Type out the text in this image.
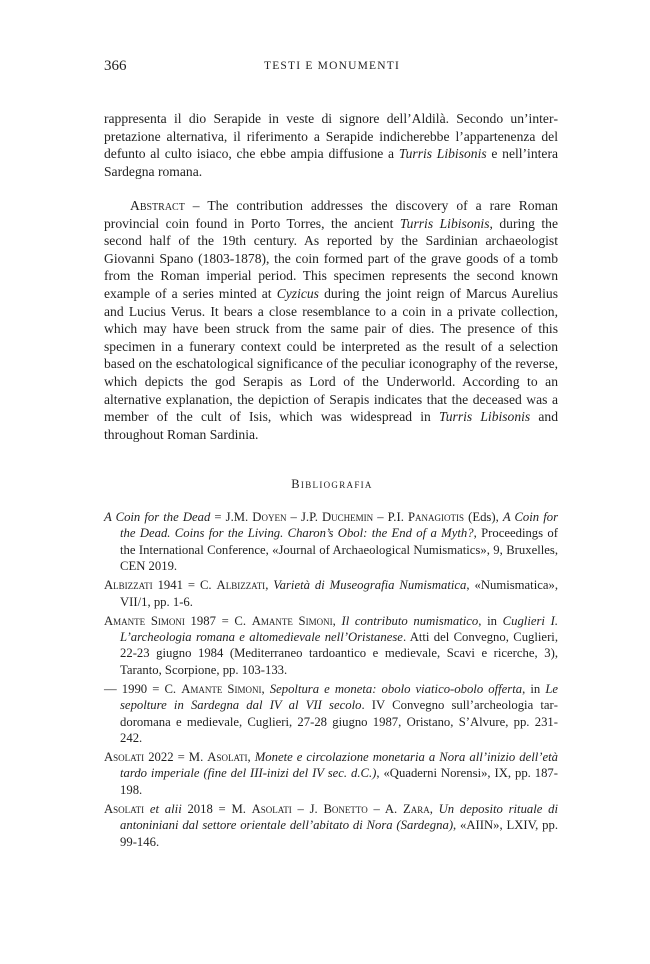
366	TESTI E MONUMENTI

rappresenta il dio Serapide in veste di signore dell’Aldilà. Secondo un’interpretazione alternativa, il riferimento a Serapide indicherebbe l’appartenenza del defunto al culto isiaco, che ebbe ampia diffusione a Turris Libisonis e nell’intera Sardegna romana.

Abstract – The contribution addresses the discovery of a rare Roman provincial coin found in Porto Torres, the ancient Turris Libisonis, during the second half of the 19th century. As reported by the Sardinian archaeologist Giovanni Spano (1803-1878), the coin formed part of the grave goods of a tomb from the Roman imperial period. This specimen represents the second known example of a series minted at Cyzicus during the joint reign of Marcus Aurelius and Lucius Verus. It bears a close resemblance to a coin in a private collection, which may have been struck from the same pair of dies. The presence of this specimen in a funerary context could be interpreted as the result of a selection based on the eschatological significance of the peculiar iconography of the reverse, which depicts the god Serapis as Lord of the Underworld. According to an alternative explanation, the depiction of Serapis indicates that the deceased was a member of the cult of Isis, which was widespread in Turris Libisonis and throughout Roman Sardinia.

Bibliografia
A Coin for the Dead = J.M. Doyen – J.P. Duchemin – P.I. Panagiotis (Eds), A Coin for the Dead. Coins for the Living. Charon’s Obol: the End of a Myth?, Proceedings of the International Conference, «Journal of Archaeological Numismatics», 9, Bruxelles, CEN 2019.
Albizzati 1941 = C. Albizzati, Varietà di Museografia Numismatica, «Numismatica», VII/1, pp. 1-6.
Amante Simoni 1987 = C. Amante Simoni, Il contributo numismatico, in Cuglieri I. L’archeologia romana e altomedievale nell’Oristanese. Atti del Convegno, Cuglieri, 22-23 giugno 1984 (Mediterraneo tardoantico e medievale, Scavi e ricerche, 3), Taranto, Scorpione, pp. 103-133.
— 1990 = C. Amante Simoni, Sepoltura e moneta: obolo viatico-obolo offerta, in Le sepolture in Sardegna dal IV al VII secolo. IV Convegno sull’archeologia tardoromana e medievale, Cuglieri, 27-28 giugno 1987, Oristano, S’Alvure, pp. 231-242.
Asolati 2022 = M. Asolati, Monete e circolazione monetaria a Nora all’inizio dell’età tardo imperiale (fine del III-inizi del IV sec. d.C.), «Quaderni Norensi», IX, pp. 187-198.
Asolati et alii 2018 = M. Asolati – J. Bonetto – A. Zara, Un deposito rituale di antoniniani dal settore orientale dell’abitato di Nora (Sardegna), «AIIN», LXIV, pp. 99-146.
